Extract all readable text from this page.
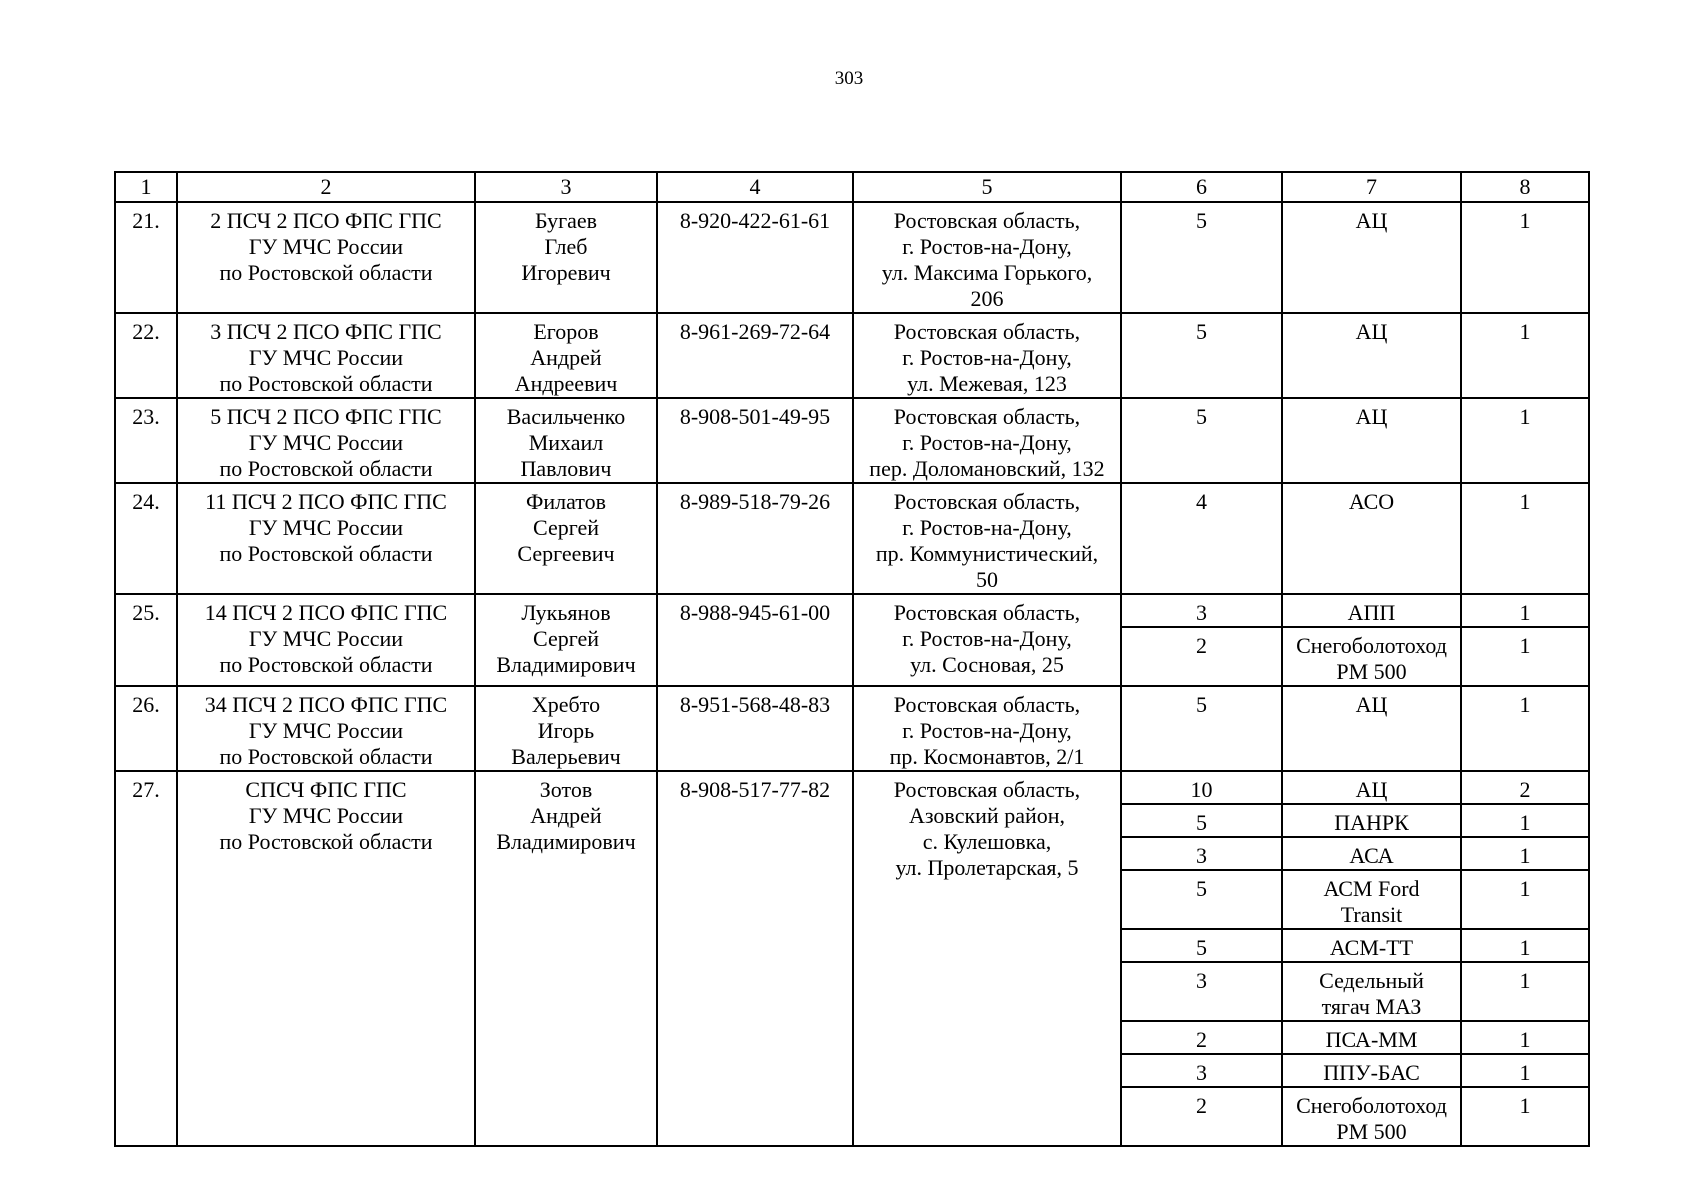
303
1	2	3	4	5	6	7	8

21.	2 ПСЧ 2 ПСО ФПС ГПС
ГУ МЧС России
по Ростовской области	Бугаев
Глеб
Игоревич	8-920-422-61-61	Ростовская область,
г. Ростов-на-Дону,
ул. Максима Горького,
206	5	АЦ	1

22.	3 ПСЧ 2 ПСО ФПС ГПС
ГУ МЧС России
по Ростовской области	Егоров
Андрей
Андреевич	8-961-269-72-64	Ростовская область,
г. Ростов-на-Дону,
ул. Межевая, 123	5	АЦ	1

23.	5 ПСЧ 2 ПСО ФПС ГПС
ГУ МЧС России
по Ростовской области	Васильченко
Михаил
Павлович	8-908-501-49-95	Ростовская область,
г. Ростов-на-Дону,
пер. Доломановский, 132	5	АЦ	1

24.	11 ПСЧ 2 ПСО ФПС ГПС
ГУ МЧС России
по Ростовской области	Филатов
Сергей
Сергеевич	8-989-518-79-26	Ростовская область,
г. Ростов-на-Дону,
пр. Коммунистический,
50	4	АСО	1

25.	14 ПСЧ 2 ПСО ФПС ГПС
ГУ МЧС России
по Ростовской области	Лукьянов
Сергей
Владимирович	8-988-945-61-00	Ростовская область,
г. Ростов-на-Дону,
ул. Сосновая, 25	3	АПП	1

					2	Снегоболотоход
РМ 500	1

26.	34 ПСЧ 2 ПСО ФПС ГПС
ГУ МЧС России
по Ростовской области	Хребто
Игорь
Валерьевич	8-951-568-48-83	Ростовская область,
г. Ростов-на-Дону,
пр. Космонавтов, 2/1	5	АЦ	1

27.	СПСЧ ФПС ГПС
ГУ МЧС России
по Ростовской области	Зотов
Андрей
Владимирович	8-908-517-77-82	Ростовская область,
Азовский район,
с. Кулешовка,
ул. Пролетарская, 5	10	АЦ	2

					5	ПАНРК	1

					3	АСА	1

					5	АСМ Ford
Transit	1

					5	АСМ-ТТ	1

					3	Седельный
тягач МАЗ	1

					2	ПСА-ММ	1

					3	ППУ-БАС	1

					2	Снегоболотоход
РМ 500	1
